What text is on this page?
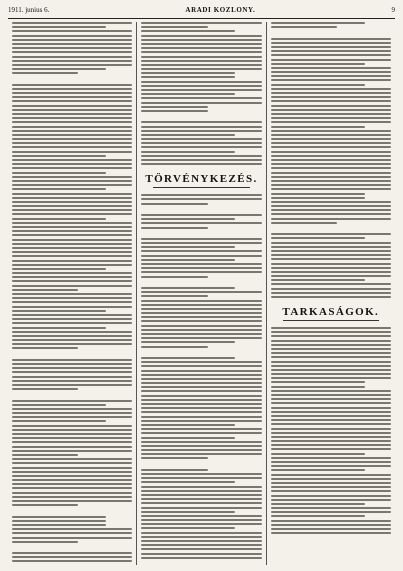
1911. junius 6.	ARADI KOZLONY.	9
TÖRVÉNYKEZÉS.
TARKASÁGOK.
